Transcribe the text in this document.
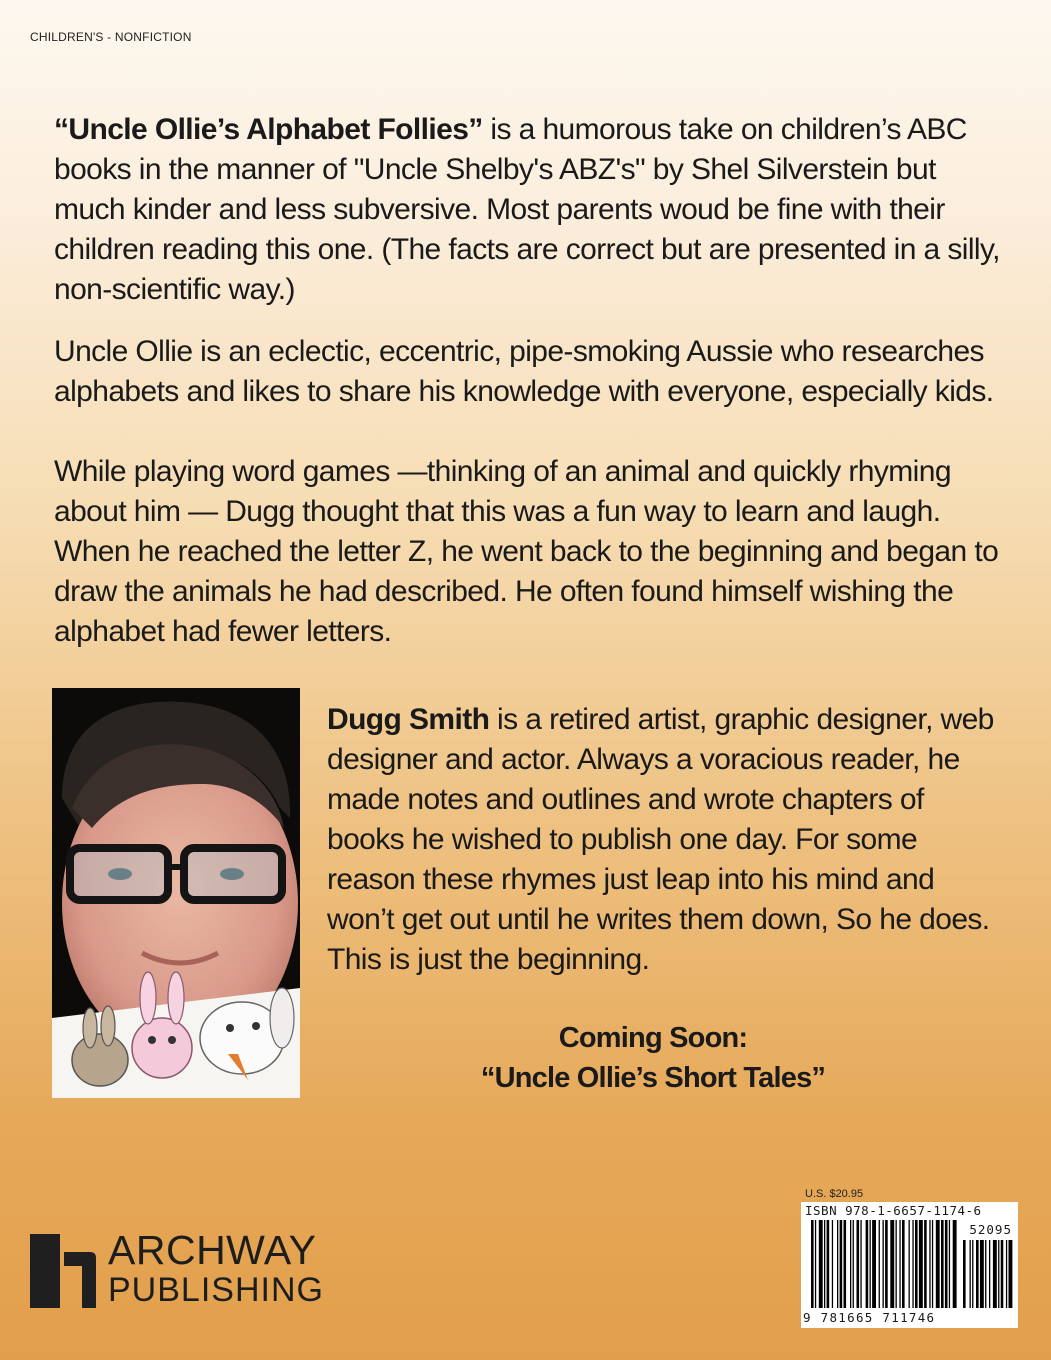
CHILDREN'S - NONFICTION

“Uncle Ollie’s Alphabet Follies” is a humorous take on children’s ABC books in the manner of "Uncle Shelby's ABZ's" by Shel Silverstein but much kinder and less subversive. Most parents woud be fine with their children reading this one. (The facts are correct but are presented in a silly, non-scientific way.)

Uncle Ollie is an eclectic, eccentric, pipe-smoking Aussie who researches alphabets and likes to share his knowledge with everyone, especially kids.

While playing word games —thinking of an animal and quickly rhyming about him — Dugg thought that this was a fun way to learn and laugh. When he reached the letter Z, he went back to the beginning and began to draw the animals he had described. He often found himself wishing the alphabet had fewer letters.

Dugg Smith is a retired artist, graphic designer, web designer and actor. Always a voracious reader, he made notes and outlines and wrote chapters of books he wished to publish one day. For some reason these rhymes just leap into his mind and won’t get out until he writes them down, So he does. This is just the beginning.

Coming Soon:
“Uncle Ollie’s Short Tales”
ARCHWAY
PUBLISHING
U.S. $20.95
ISBN 978-1-6657-1174-6
52095
9 781665 711746
